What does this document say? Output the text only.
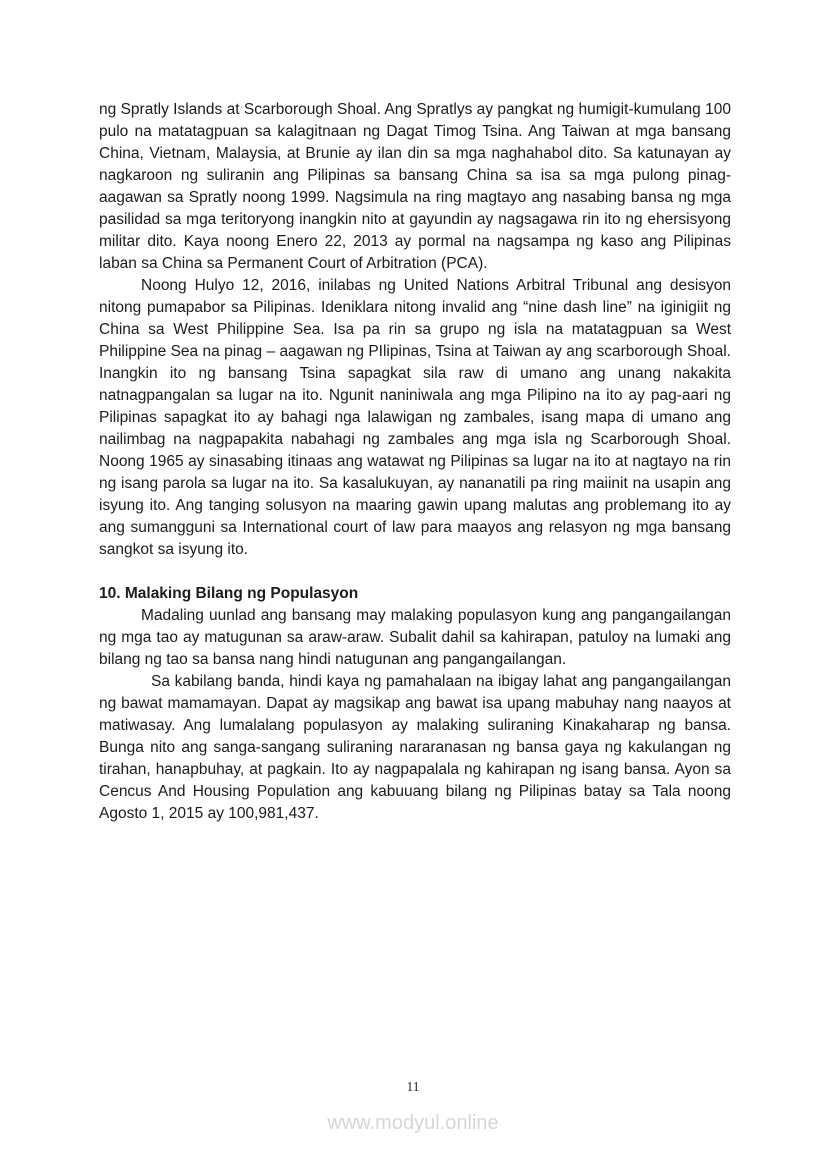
ng Spratly Islands at Scarborough Shoal. Ang Spratlys ay pangkat ng humigit-kumulang 100 pulo na matatagpuan sa kalagitnaan ng Dagat Timog Tsina. Ang Taiwan at mga bansang China, Vietnam, Malaysia, at Brunie ay ilan din sa mga naghahabol dito. Sa katunayan ay nagkaroon ng suliranin ang Pilipinas sa bansang China sa isa sa mga pulong pinag-aagawan sa Spratly noong 1999. Nagsimula na ring magtayo ang nasabing bansa ng mga pasilidad sa mga teritoryong inangkin nito at gayundin ay nagsagawa rin ito ng ehersisyong militar dito. Kaya noong Enero 22, 2013 ay pormal na nagsampa ng kaso ang Pilipinas laban sa China sa Permanent Court of Arbitration (PCA).

Noong Hulyo 12, 2016, inilabas ng United Nations Arbitral Tribunal ang desisyon nitong pumapabor sa Pilipinas. Ideniklara nitong invalid ang “nine dash line” na iginigiit ng China sa West Philippine Sea. Isa pa rin sa grupo ng isla na matatagpuan sa West Philippine Sea na pinag – aagawan ng PIlipinas, Tsina at Taiwan ay ang scarborough Shoal. Inangkin ito ng bansang Tsina sapagkat sila raw di umano ang unang nakakita natnagpangalan sa lugar na ito. Ngunit naniniwala ang mga Pilipino na ito ay pag-aari ng Pilipinas sapagkat ito ay bahagi nga lalawigan ng zambales, isang mapa di umano ang nailimbag na nagpapakita nabahagi ng zambales ang mga isla ng Scarborough Shoal. Noong 1965 ay sinasabing itinaas ang watawat ng Pilipinas sa lugar na ito at nagtayo na rin ng isang parola sa lugar na ito. Sa kasalukuyan, ay nananatili pa ring maiinit na usapin ang isyung ito. Ang tanging solusyon na maaring gawin upang malutas ang problemang ito ay ang sumangguni sa International court of law para maayos ang relasyon ng mga bansang sangkot sa isyung ito.

10. Malaking Bilang ng Populasyon

Madaling uunlad ang bansang may malaking populasyon kung ang pangangailangan ng mga tao ay matugunan sa araw-araw. Subalit dahil sa kahirapan, patuloy na lumaki ang bilang ng tao sa bansa nang hindi natugunan ang pangangailangan.

Sa kabilang banda, hindi kaya ng pamahalaan na ibigay lahat ang pangangailangan ng bawat mamamayan. Dapat ay magsikap ang bawat isa upang mabuhay nang naayos at matiwasay. Ang lumalalang populasyon ay malaking suliraning Kinakaharap ng bansa. Bunga nito ang sanga-sangang suliraning nararanasan ng bansa gaya ng kakulangan ng tirahan, hanapbuhay, at pagkain. Ito ay nagpapalala ng kahirapan ng isang bansa. Ayon sa Cencus And Housing Population ang kabuuang bilang ng Pilipinas batay sa Tala noong Agosto 1, 2015 ay 100,981,437.

11
www.modyul.online
